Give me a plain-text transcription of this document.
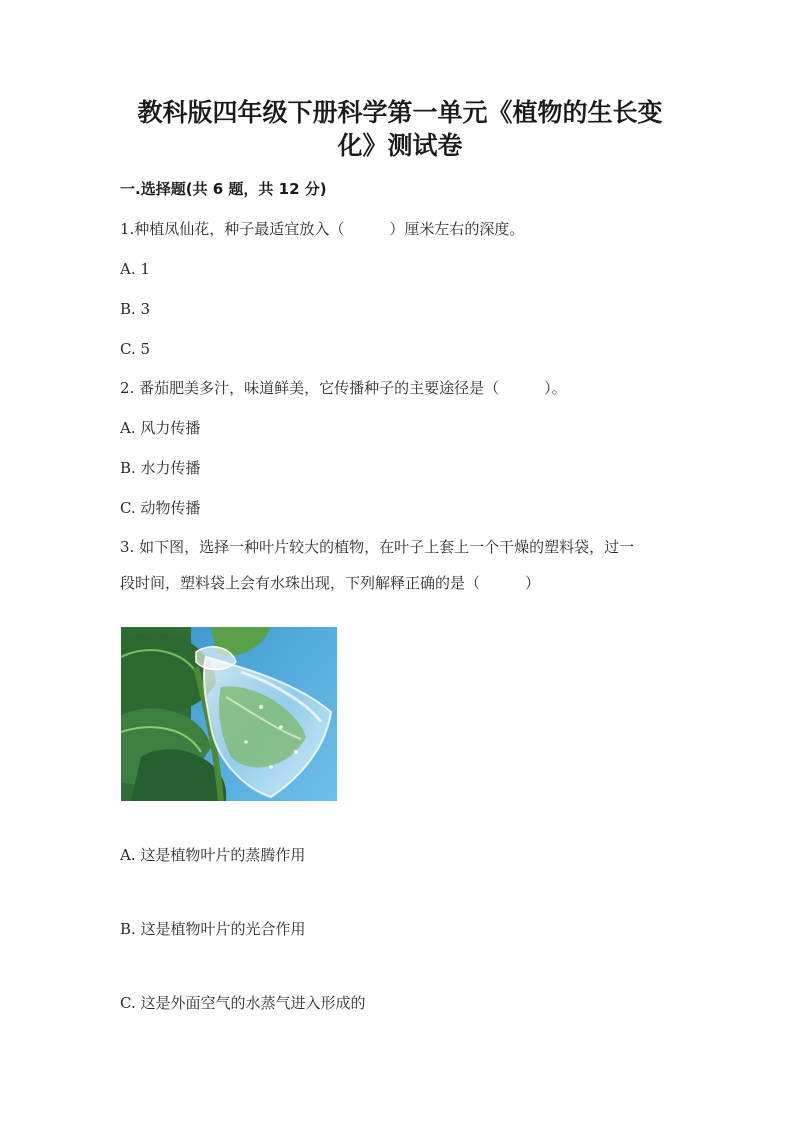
教科版四年级下册科学第一单元《植物的生长变
化》测试卷

一.选择题(共 6 题，共 12 分)

1.种植凤仙花，种子最适宜放入（　　　）厘米左右的深度。

A. 1

B. 3

C. 5

2. 番茄肥美多汁，味道鲜美，它传播种子的主要途径是（　　　）。

A. 风力传播

B. 水力传播

C. 动物传播

3. 如下图，选择一种叶片较大的植物，在叶子上套上一个干燥的塑料袋，过一

段时间，塑料袋上会有水珠出现，下列解释正确的是（　　　）

A. 这是植物叶片的蒸腾作用

B. 这是植物叶片的光合作用

C. 这是外面空气的水蒸气进入形成的
